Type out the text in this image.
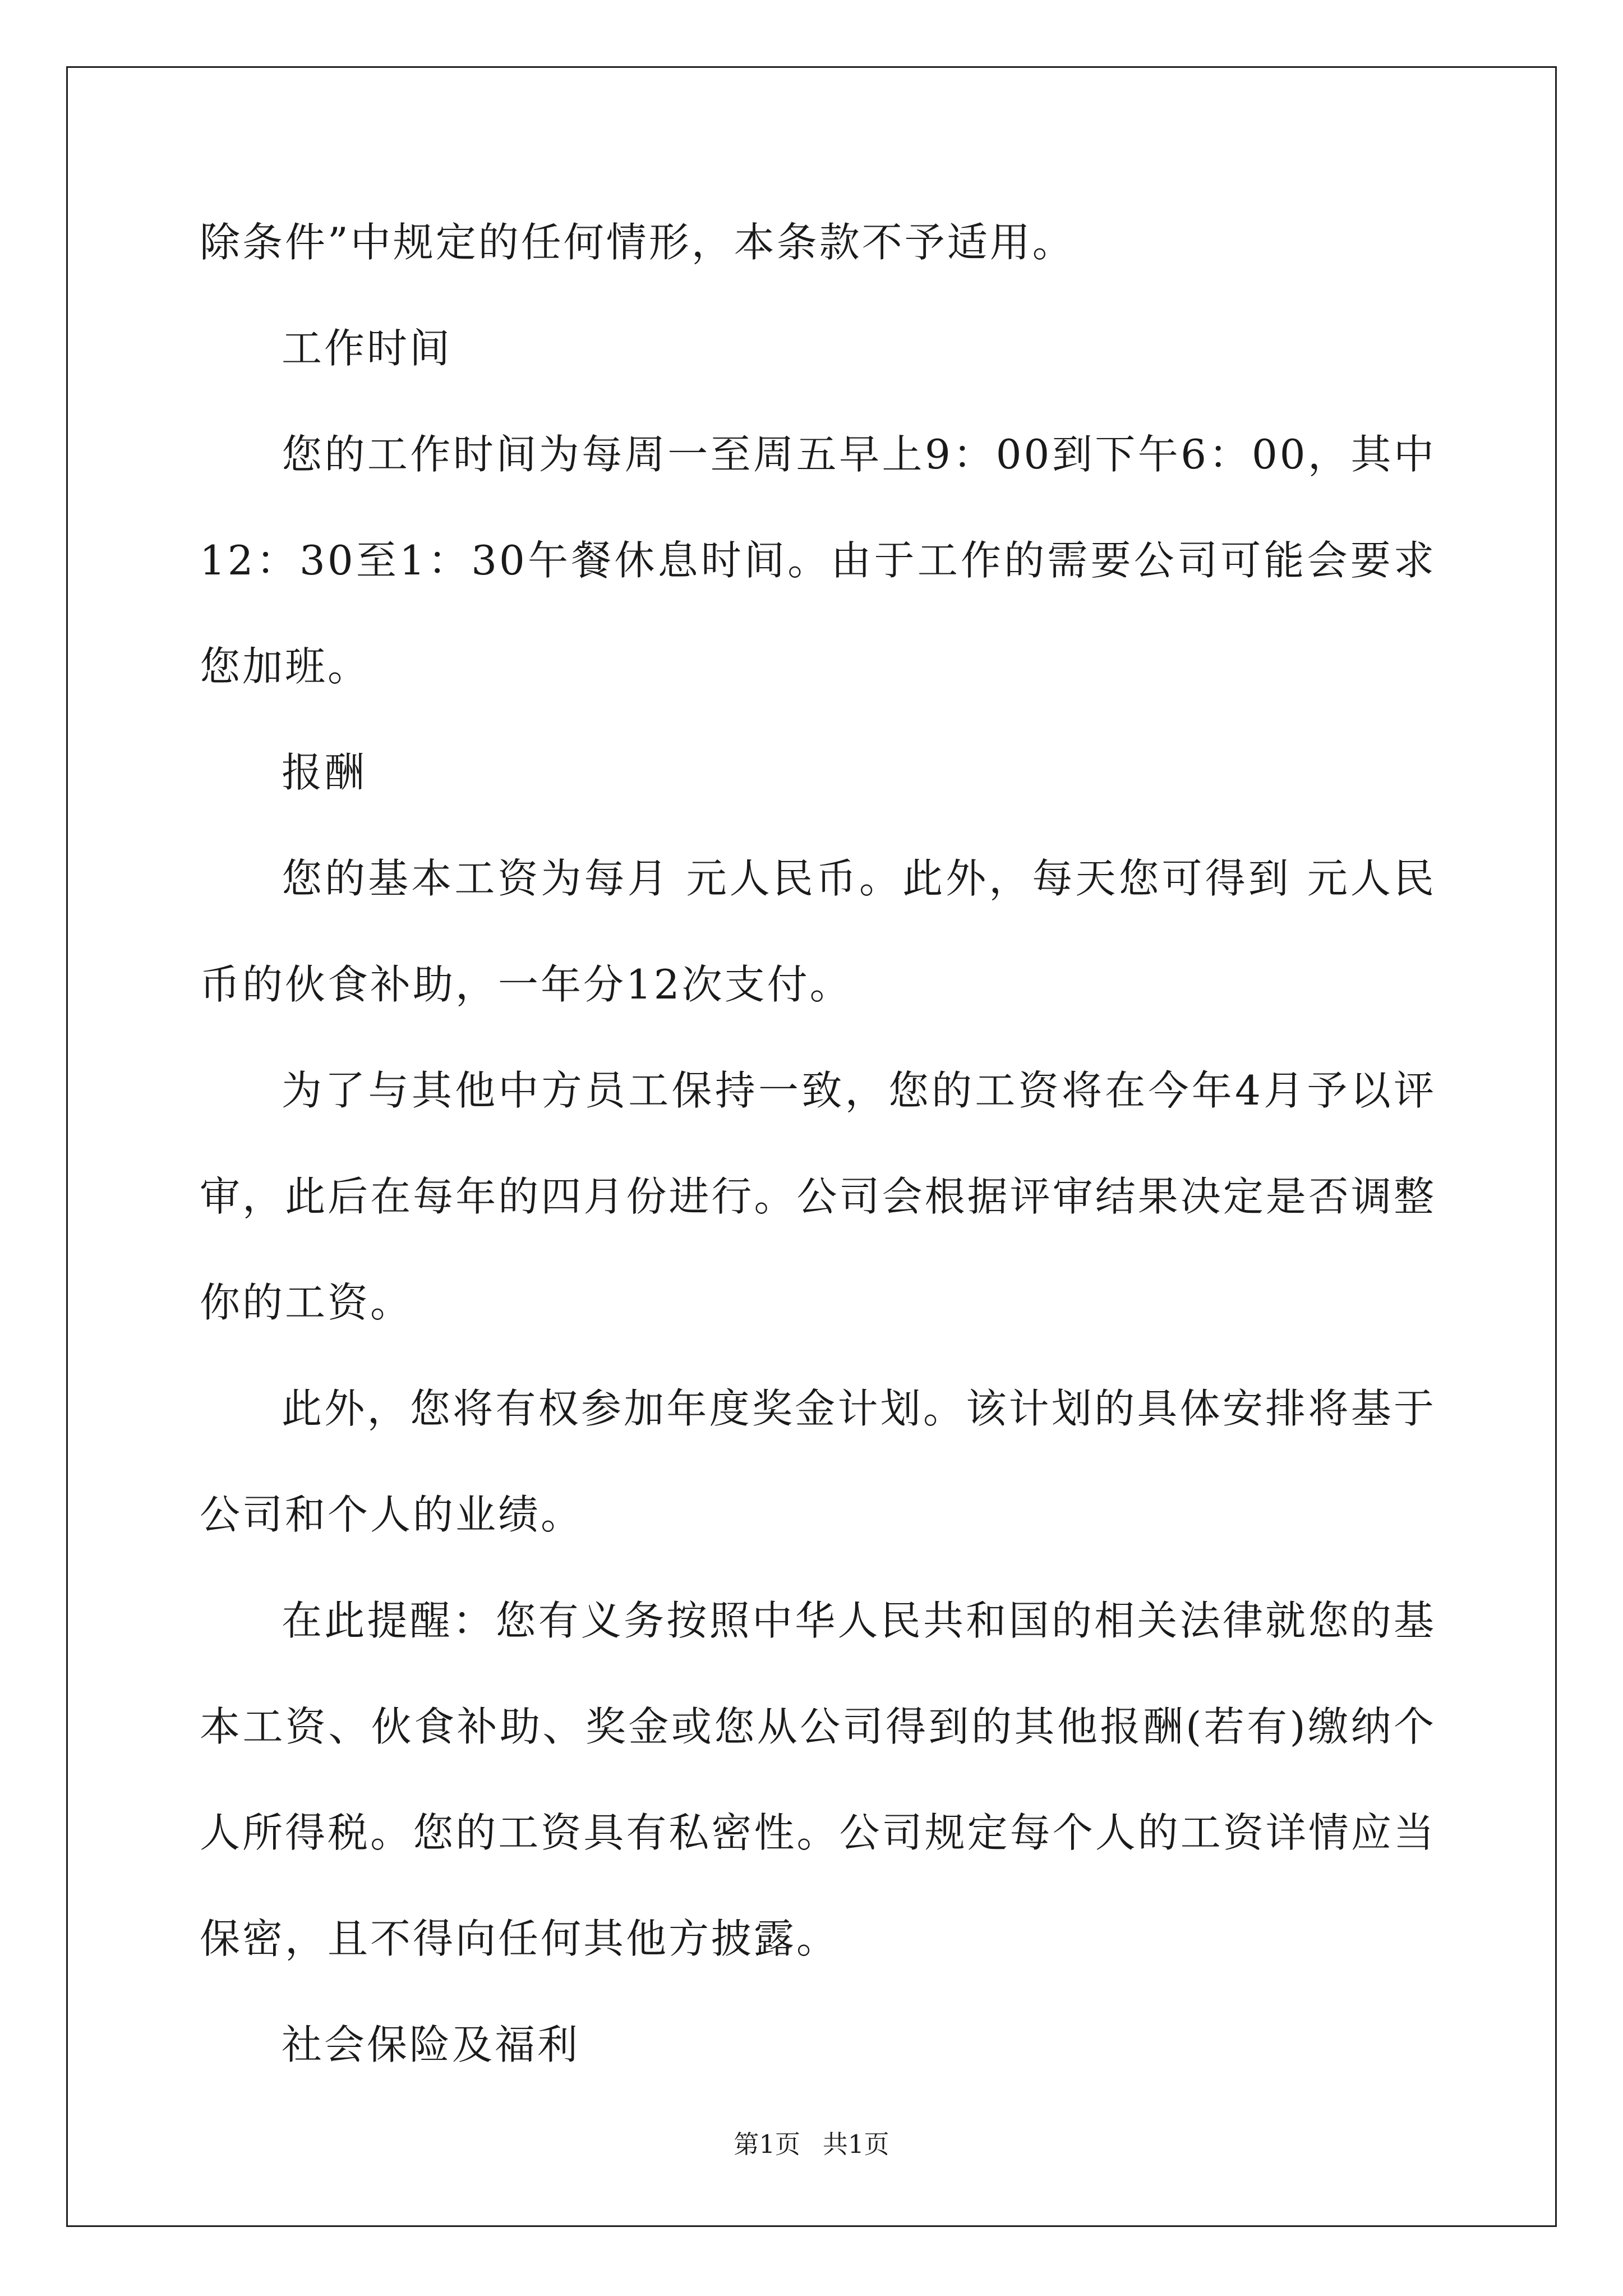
除条件”中规定的任何情形，本条款不予适用。

工作时间

您的工作时间为每周一至周五早上9：00到下午6：00，其中12：30至1：30午餐休息时间。由于工作的需要公司可能会要求您加班。

报酬

您的基本工资为每月 元人民币。此外，每天您可得到 元人民币的伙食补助，一年分12次支付。

为了与其他中方员工保持一致，您的工资将在今年4月予以评审，此后在每年的四月份进行。公司会根据评审结果决定是否调整你的工资。

此外，您将有权参加年度奖金计划。该计划的具体安排将基于公司和个人的业绩。

在此提醒：您有义务按照中华人民共和国的相关法律就您的基本工资、伙食补助、奖金或您从公司得到的其他报酬(若有)缴纳个人所得税。您的工资具有私密性。公司规定每个人的工资详情应当保密，且不得向任何其他方披露。

社会保险及福利

第1页 共1页
